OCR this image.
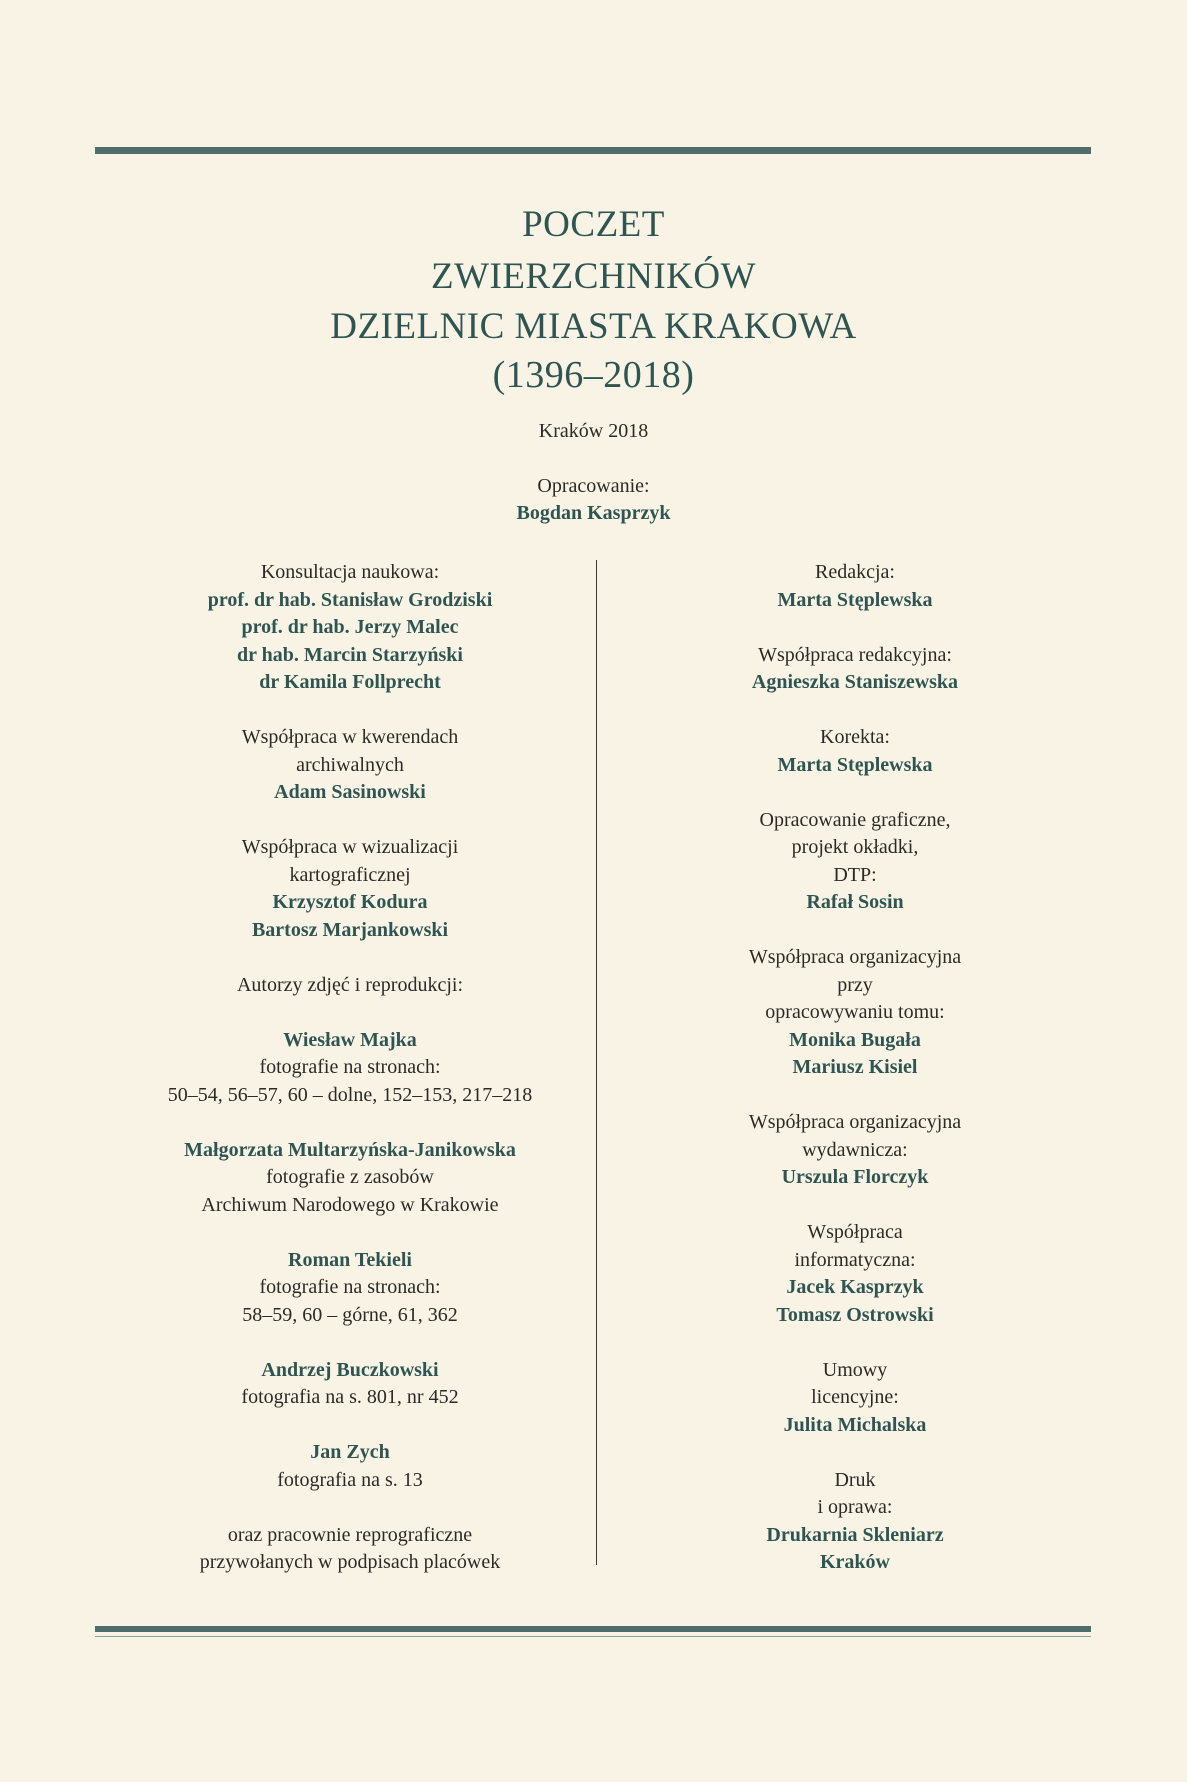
POCZET
ZWIERZCHNIKÓW
DZIELNIC MIASTA KRAKOWA
(1396–2018)
Kraków 2018
Opracowanie:
Bogdan Kasprzyk
Konsultacja naukowa:
prof. dr hab. Stanisław Grodziski
prof. dr hab. Jerzy Malec
dr hab. Marcin Starzyński
dr Kamila Follprecht
Współpraca w kwerendach
archiwalnych
Adam Sasinowski
Współpraca w wizualizacji
kartograficznej
Krzysztof Kodura
Bartosz Marjankowski
Autorzy zdjęć i reprodukcji:
Wiesław Majka
fotografie na stronach:
50–54, 56–57, 60 – dolne, 152–153, 217–218
Małgorzata Multarzyńska-Janikowska
fotografie z zasobów
Archiwum Narodowego w Krakowie
Roman Tekieli
fotografie na stronach:
58–59, 60 – górne, 61, 362
Andrzej Buczkowski
fotografia na s. 801, nr 452
Jan Zych
fotografia na s. 13
oraz pracownie reprograficzne
przywołanych w podpisach placówek
Redakcja:
Marta Stęplewska
Współpraca redakcyjna:
Agnieszka Staniszewska
Korekta:
Marta Stęplewska
Opracowanie graficzne,
projekt okładki,
DTP:
Rafał Sosin
Współpraca organizacyjna
przy
opracowywaniu tomu:
Monika Bugała
Mariusz Kisiel
Współpraca organizacyjna
wydawnicza:
Urszula Florczyk
Współpraca
informatyczna:
Jacek Kasprzyk
Tomasz Ostrowski
Umowy
licencyjne:
Julita Michalska
Druk
i oprawa:
Drukarnia Skleniarz
Kraków
